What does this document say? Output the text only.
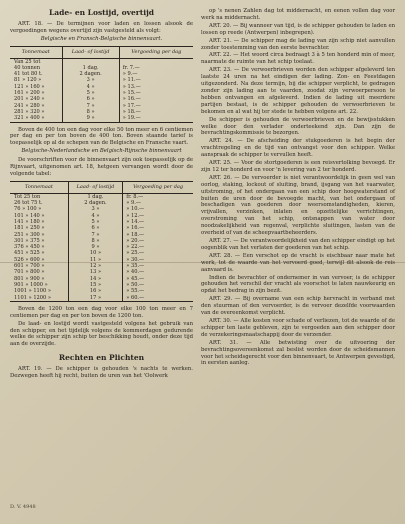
Lade- en Lostijd, overtijd

ART. 18. — De termijnen voor laden en lossen alsook de vergoedingen wegens overtijd zijn vastgesteld als volgt:

Belgische en Fransch-Belgische binnenvaart.

Tonnemaat	Laad- of lostijd	Vergoeding per dag
Van 25 tot		
40 tonnen	1 dag.	fr. 7.—
41 tot 80 t.	2 dagen.	» 9.—
81 » 120 »	3 »	» 11.—
121 » 160 »	4 »	» 13.—
161 » 200 »	5 »	» 15.—
201 » 240 »	6 »	» 16.—
241 » 280 »	7 »	» 17.—
281 » 320 »	8 »	» 18.—
321 » 400 »	9 »	» 19.—

Boven de 400 ton een dag voor elke 50 ton meer en 6 centiemen per dag en per ton boven de 400 ton. Boven staande tarief is toepasselijk op al de schepen van de Belgische en Fransche vaart.

Belgische-Nederlandsche en Belgisch-Rijnsche binnenvaart

De voorschriften voor de binnenvaart zijn ook toepasselijk op de Rijnvaart, uitgenomen art. 18, hetgeen vervangen wordt door de volgende tabel:

Tonnemaat	Laad- of lostijd	Vergoeding per dag
Tot 25 ton	1 dag.	fr. 8.—
26 tot 75 t.	2 dagen.	» 9.—
76 » 100 »	3 »	» 10.—
101 » 140 »	4 »	» 12.—
141 » 180 »	5 »	» 14.—
181 » 250 »	6 »	» 16.—
251 » 300 »	7 »	» 18.—
301 » 375 »	8 »	» 20.—
376 » 450 »	9 »	» 22.—
451 » 525 »	10 »	» 25.—
526 » 600 »	11 »	» 30.—
601 » 700 »	12 »	» 35.—
701 » 800 »	13 »	» 40.—
801 » 900 »	14 »	» 45.—
901 » 1000 »	15 »	» 50.—
1001 » 1100 »	16 »	» 55.—
1101 » 1200 »	17 »	» 60.—

Boven de 1200 ton een dag voor elke 100 ton meer en 7 centiemen per dag en per ton boven de 1200 ton.

De laad- en lostijd wordt vastgesteld volgens het gebruik van den schipper, en het tijdelijk volgens de kommerdagen gedurende welke de schipper zijn schip ter beschikking houdt, onder deze tijd aan de overzijde.

Rechten en Plichten

ART. 19. — De schipper is gehouden 's nachts te werken. Dezwegen heeft hij recht, buiten de uren van het 'Oolwerk

op 's nenen Zahlen dag tot middernacht, en eenen vollen dag voor werk na middernacht.

ART. 20. — Bij wanneer van tijd, is de schipper gehouden te laden en lossen op reede (Antwerpen) inbegrepen).

ART. 21. — De schipper mag de lading van zijn schip niet aanvullen zonder toestemming van den eerste bevrachter.

ART. 22. — Het woord circa bedraagt 3 à 5 ten honderd min of meer, naarmate de ruimte van het schip toelaat.

ART. 23. — De verwoerbrieven worden den schipper afgeleverd ten laatste 24 uren na het eindigen der lading. Zon- en Feestdagen uitgezonderd. Na deze termijn, bij die schipper verplicht, te gedragen zonder zijn lading aan te vaarden, zoodat zijn verwoerpersoon te hebben ontvangen en afgeleverd. Indien de lading uit meerdere partijen bestaat, is de schipper gehouden de verwoerbrieven te bekomen en al wat hij ter stede te hebben volgens art. 22.

De schipper is gehouden de verwoerbrieven en de bewijsstukken welke door den verlader onderteekend zijn. Dan zijn de bevrachtingskommissie te bezorgen.

ART. 24. — De afscheiding der stukgoederen is het begin der vrachtregeling en de tijd van ontvangst voor den schipper. Welke aanspraak de schipper te vervullen heeft.

ART. 25. — Voor de stortgoederen is een reisvertolking bevoegd. Er zijn 12 ter honderd en voor 'n levering van 2 ter honderd.

ART. 26. — De vervoerder is niet verantwoordelijk in geen wel van oorlog, staking, lockout of sluiting, brand, ijsgang van het vaarwater, uitstroming, of het ondergaan van een schip door hoogwaterstand of buiten de uren door de bevoegde macht, van het ondergaan of beschadigen van goederen door weersomstandigheden, kieren, vrijvallen, verzinken, inlaten en opzettelijke verrichtingen, overstroming van het schip, ontsnappen van water door noodzakelijkheid van regenval, verplichte sluitingen, lasten van de overheid of van de scheepvaartbeheerders.

ART. 27. — De verantwoordelijkheid van den schipper eindigt op het oogenblik van het verlaten der goederen van het schip.

ART. 28. — Een verschot op de vracht is eischbaar naar mate het werk, tot de waarde van het vervoerd goed, terwijl dit alsook de reis aanvaard is.

Indien de bevrachter of ondernemer in van vervoer, is de schipper gehouden het verschil der vracht als voorschot te laten nauwkeurig en opdat het bedrag in zijn bezit.

ART. 29. — Bij overname van een schip hervracht in verband met den stuurman of den vervoerder, is de vervoer dezelfde voorwaarden van de overeenkomst verplicht.

ART. 30. — Alle kosten voor schade of verliezen, tot de waarde of de schipper ten laste gebleven, zijn te vergoeden aan den schipper door de verzekeringsmaatschappij door de verzender.

ART. 31. — Alle betwisting over de uitvoering der bevrachtingsovereenkomst zal beslist worden door de scheidsmannen voor het scheidsgerecht voor den binnenvaart, te Antwerpen gevestigd, in eersten aanleg.

D. V. 4948
